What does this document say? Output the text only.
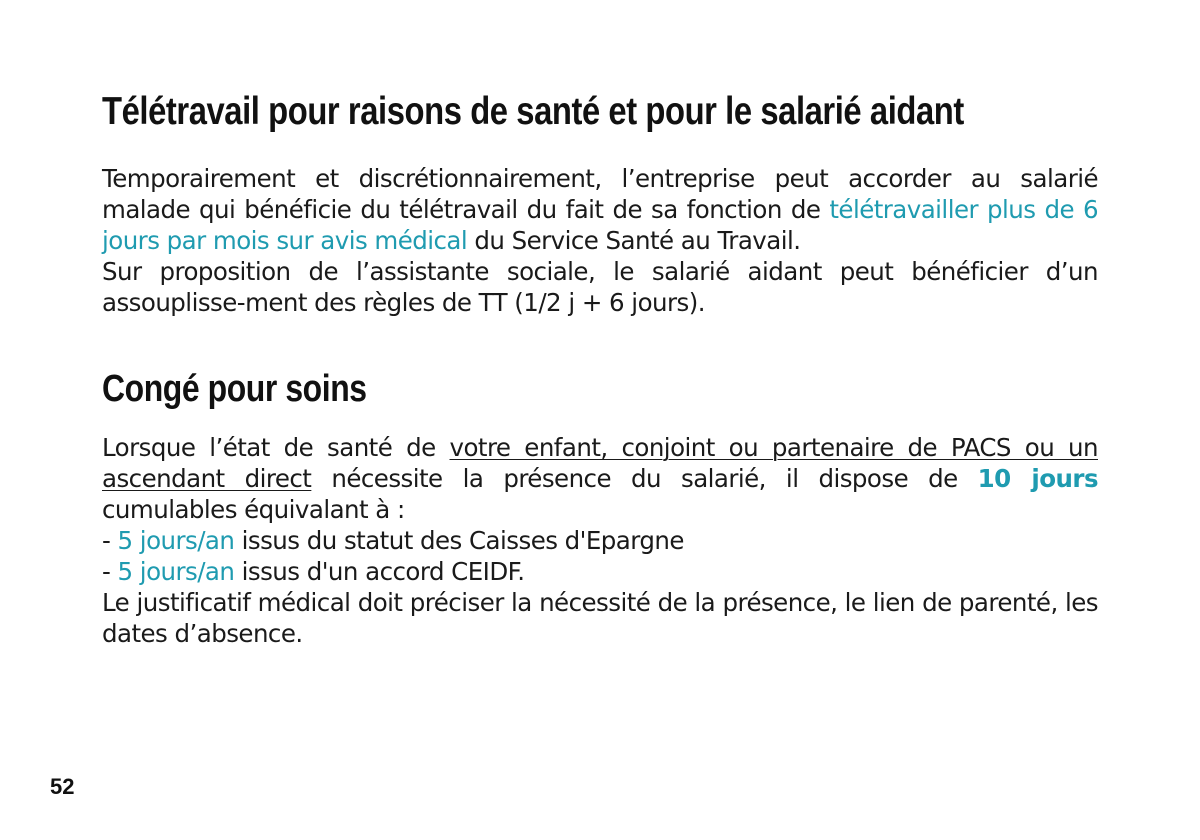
Télétravail pour raisons de santé et pour le salarié aidant
Temporairement et discrétionnairement, l’entreprise peut accorder au salarié malade qui bénéficie du télétravail du fait de sa fonction de télétravailler plus de 6 jours par mois sur avis médical du Service Santé au Travail.
Sur proposition de l’assistante sociale, le salarié aidant peut bénéficier d’un assouplisse-ment des règles de TT (1/2 j + 6 jours).
Congé pour soins
Lorsque l’état de santé de votre enfant, conjoint ou partenaire de PACS ou un ascendant direct nécessite la présence du salarié, il dispose de 10 jours cumulables équivalant à :
- 5 jours/an issus du statut des Caisses d'Epargne
- 5 jours/an issus d'un accord CEIDF.
Le justificatif médical doit préciser la nécessité de la présence, le lien de parenté, les dates d’absence.
52
